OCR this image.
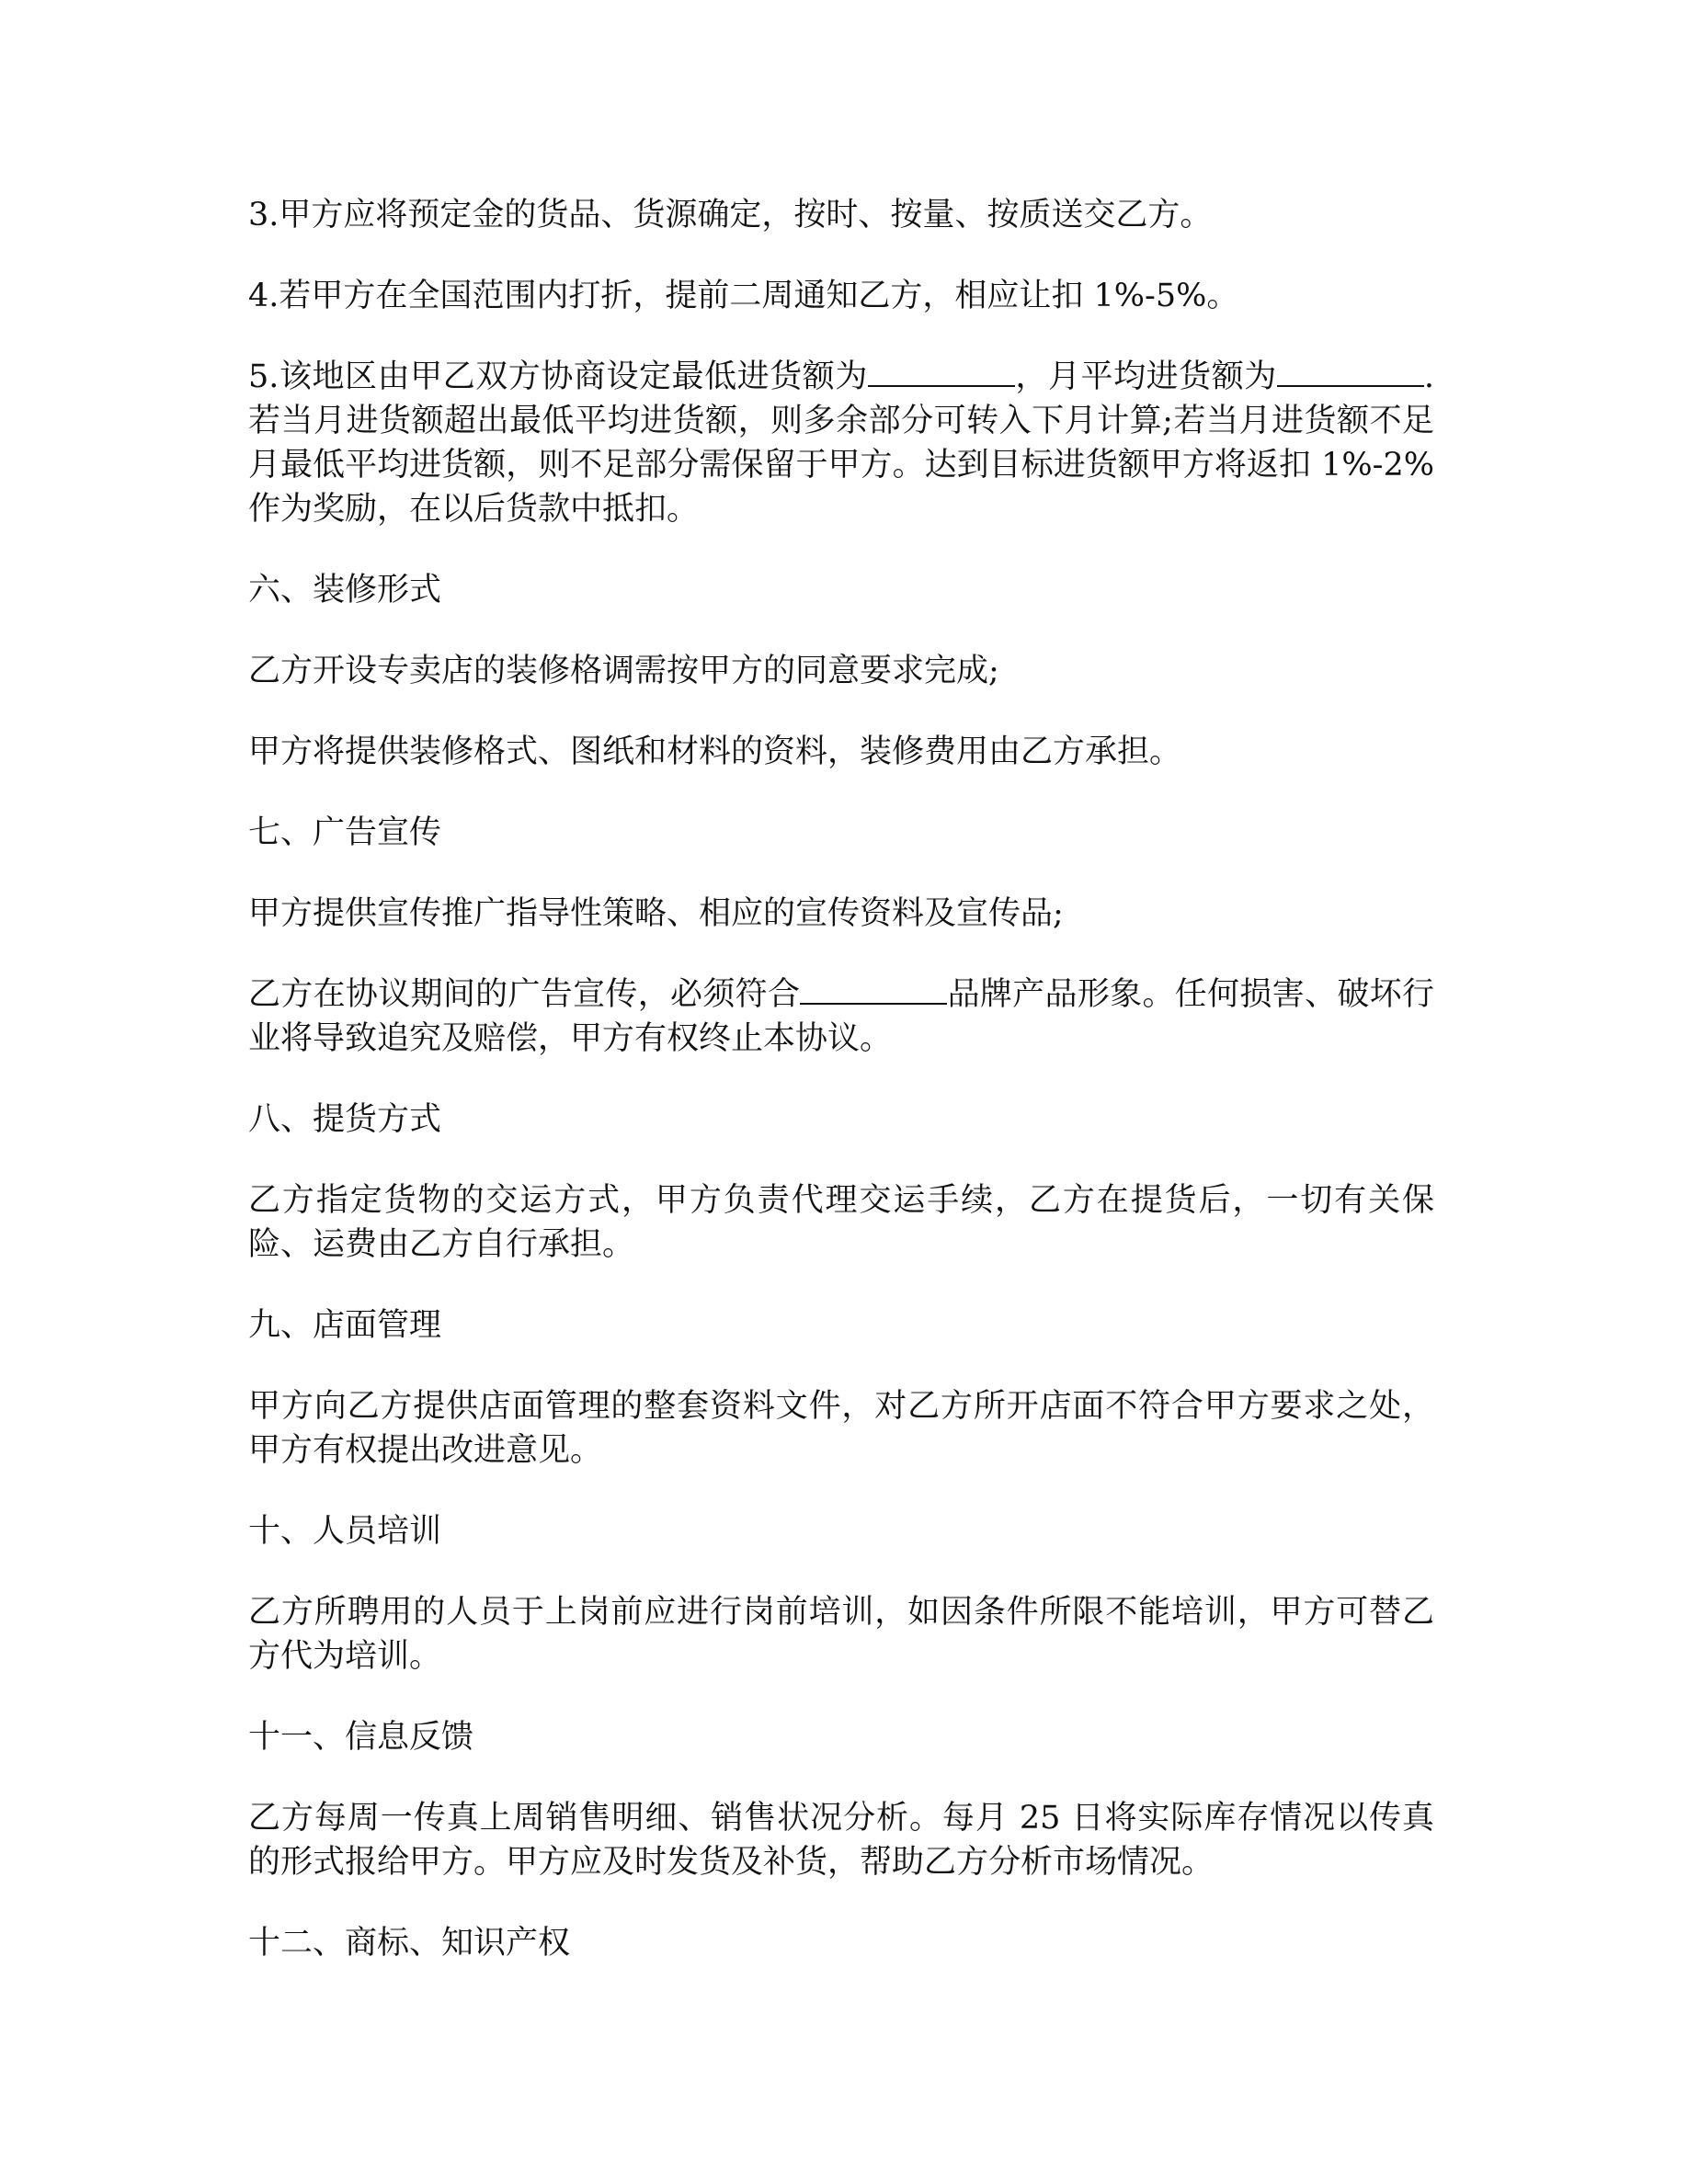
3.甲方应将预定金的货品、货源确定，按时、按量、按质送交乙方。

4.若甲方在全国范围内打折，提前二周通知乙方，相应让扣 1%-5%。

5.该地区由甲乙双方协商设定最低进货额为	，月平均进货额为	.若当月进货额超出最低平均进货额，则多余部分可转入下月计算;若当月进货额不足月最低平均进货额，则不足部分需保留于甲方。达到目标进货额甲方将返扣 1%-2%作为奖励，在以后货款中抵扣。

六、装修形式

乙方开设专卖店的装修格调需按甲方的同意要求完成;

甲方将提供装修格式、图纸和材料的资料，装修费用由乙方承担。

七、广告宣传

甲方提供宣传推广指导性策略、相应的宣传资料及宣传品;

乙方在协议期间的广告宣传，必须符合	品牌产品形象。任何损害、破坏行业将导致追究及赔偿，甲方有权终止本协议。

八、提货方式

乙方指定货物的交运方式，甲方负责代理交运手续，乙方在提货后，一切有关保险、运费由乙方自行承担。

九、店面管理

甲方向乙方提供店面管理的整套资料文件，对乙方所开店面不符合甲方要求之处，甲方有权提出改进意见。

十、人员培训

乙方所聘用的人员于上岗前应进行岗前培训，如因条件所限不能培训，甲方可替乙方代为培训。

十一、信息反馈

乙方每周一传真上周销售明细、销售状况分析。每月 25 日将实际库存情况以传真的形式报给甲方。甲方应及时发货及补货，帮助乙方分析市场情况。

十二、商标、知识产权
